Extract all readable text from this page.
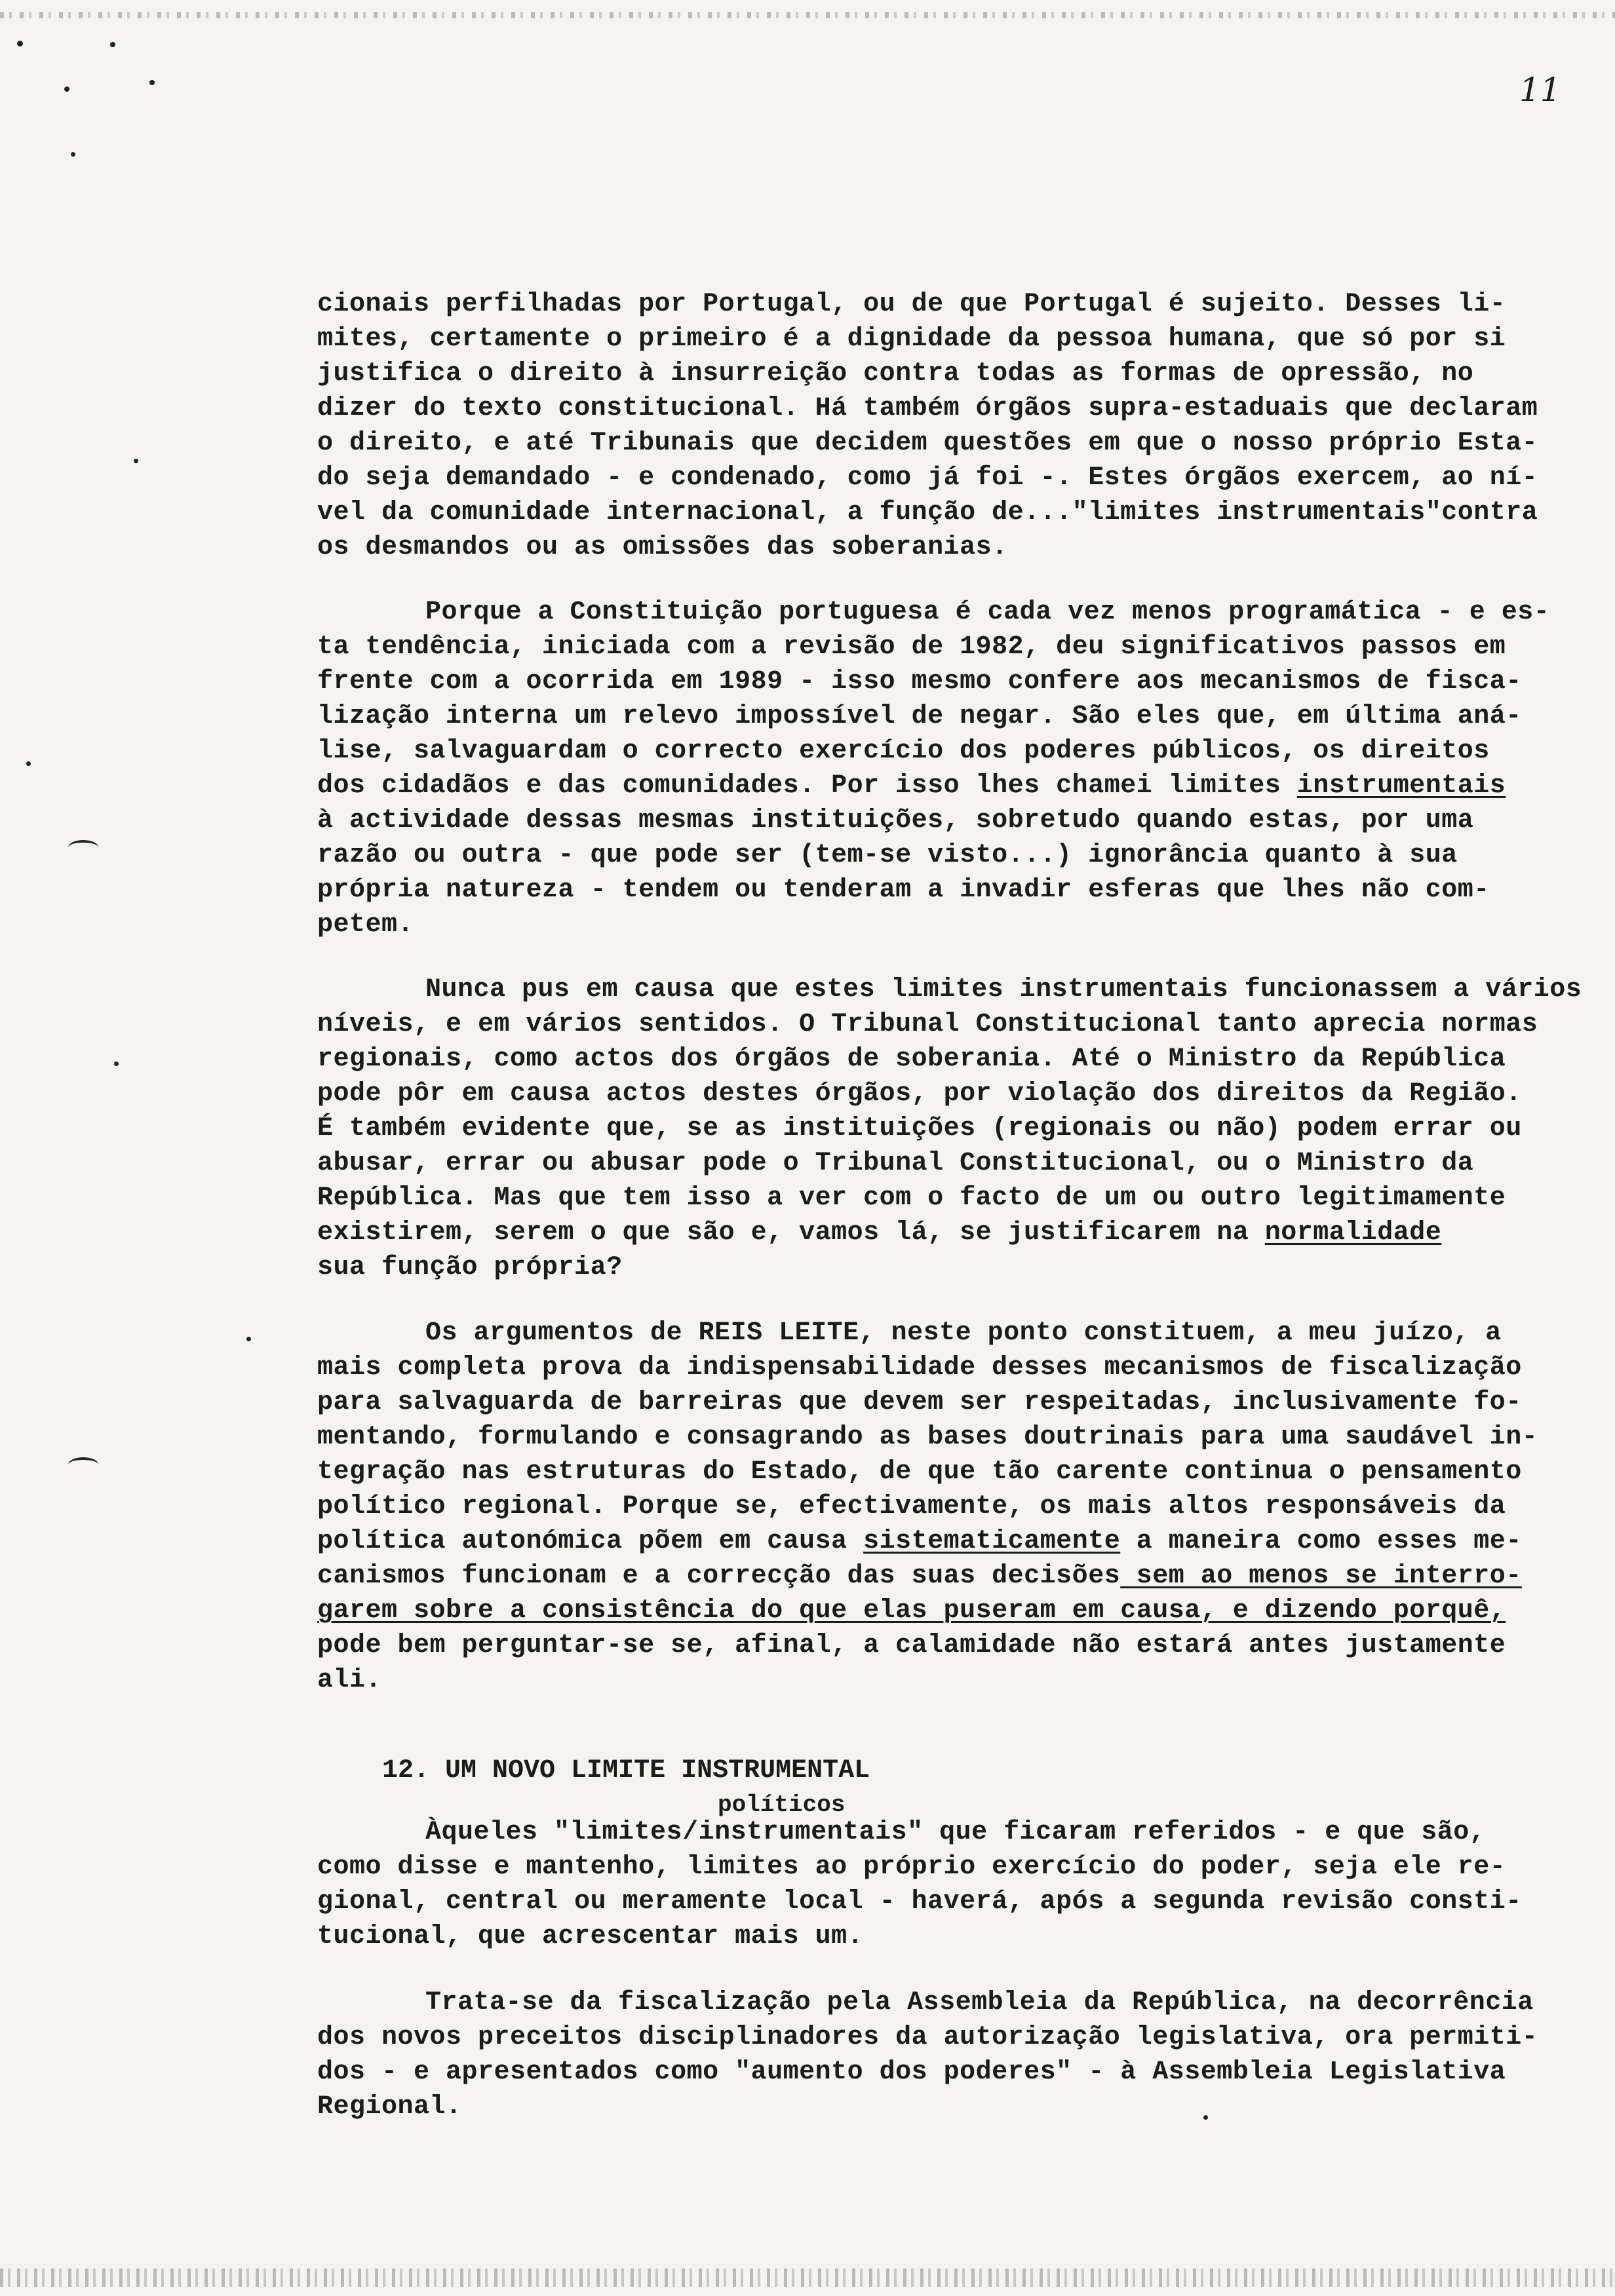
11
cionais perfilhadas por Portugal, ou de que Portugal é sujeito. Desses li-
mites, certamente o primeiro é a dignidade da pessoa humana, que só por si
justifica o direito à insurreição contra todas as formas de opressão, no
dizer do texto constitucional. Há também órgãos supra-estaduais que declaram
o direito, e até Tribunais que decidem questões em que o nosso próprio Esta-
do seja demandado - e condenado, como já foi -. Estes órgãos exercem, ao ní-
vel da comunidade internacional, a função de..."limites instrumentais"contra
os desmandos ou as omissões das soberanias.
Porque a Constituição portuguesa é cada vez menos programática - e es-
ta tendência, iniciada com a revisão de 1982, deu significativos passos em
frente com a ocorrida em 1989 - isso mesmo confere aos mecanismos de fisca-
lização interna um relevo impossível de negar. São eles que, em última aná-
lise, salvaguardam o correcto exercício dos poderes públicos, os direitos
dos cidadãos e das comunidades. Por isso lhes chamei limites instrumentais
à actividade dessas mesmas instituições, sobretudo quando estas, por uma
razão ou outra - que pode ser (tem-se visto...) ignorância quanto à sua
própria natureza - tendem ou tenderam a invadir esferas que lhes não com-
petem.
Nunca pus em causa que estes limites instrumentais funcionassem a vários
níveis, e em vários sentidos. O Tribunal Constitucional tanto aprecia normas
regionais, como actos dos órgãos de soberania. Até o Ministro da República
pode pôr em causa actos destes órgãos, por violação dos direitos da Região.
É também evidente que, se as instituições (regionais ou não) podem errar ou
abusar, errar ou abusar pode o Tribunal Constitucional, ou o Ministro da
República. Mas que tem isso a ver com o facto de um ou outro legitimamente
existirem, serem o que são e, vamos lá, se justificarem na normalidade
sua função própria?
Os argumentos de REIS LEITE, neste ponto constituem, a meu juízo, a
mais completa prova da indispensabilidade desses mecanismos de fiscalização
para salvaguarda de barreiras que devem ser respeitadas, inclusivamente fo-
mentando, formulando e consagrando as bases doutrinais para uma saudável in-
tegração nas estruturas do Estado, de que tão carente continua o pensamento
político regional. Porque se, efectivamente, os mais altos responsáveis da
política autonómica põem em causa sistematicamente a maneira como esses me-
canismos funcionam e a correcção das suas decisões sem ao menos se interro-
garem sobre a consistência do que elas puseram em causa, e dizendo porquê,
pode bem perguntar-se se, afinal, a calamidade não estará antes justamente
ali.
12. UM NOVO LIMITE INSTRUMENTAL
políticos
Àqueles "limites/instrumentais" que ficaram referidos - e que são,
como disse e mantenho, limites ao próprio exercício do poder, seja ele re-
gional, central ou meramente local - haverá, após a segunda revisão consti-
tucional, que acrescentar mais um.
Trata-se da fiscalização pela Assembleia da República, na decorrência
dos novos preceitos disciplinadores da autorização legislativa, ora permiti-
dos - e apresentados como "aumento dos poderes" - à Assembleia Legislativa
Regional.
